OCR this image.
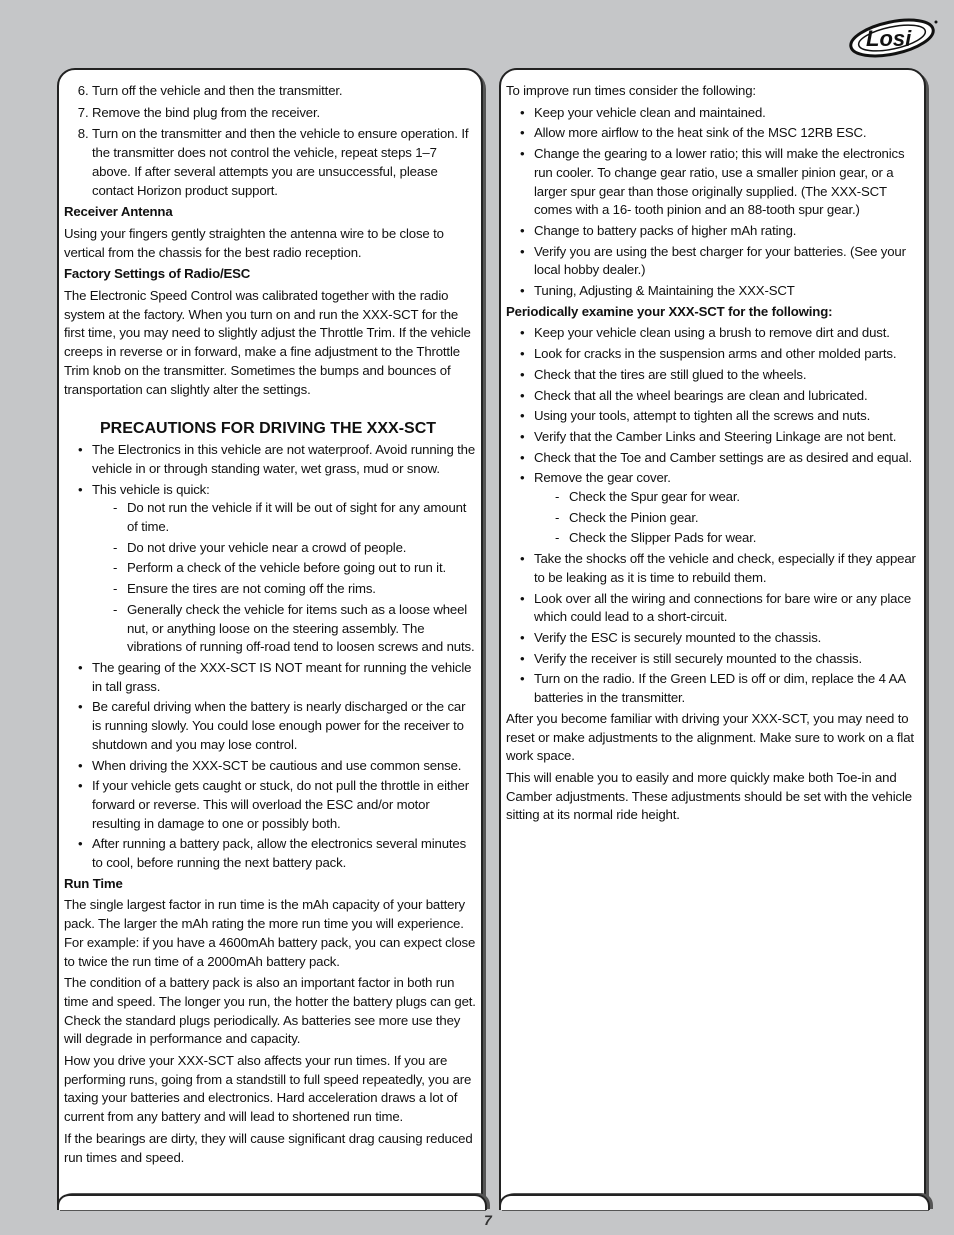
Losi
6. Turn off the vehicle and then the transmitter.
7. Remove the bind plug from the receiver.
8. Turn on the transmitter and then the vehicle to ensure operation. If the transmitter does not control the vehicle, repeat steps 1–7 above. If after several attempts you are unsuccessful, please contact Horizon product support.
Receiver Antenna

Using your fingers gently straighten the antenna wire to be close to vertical from the chassis for the best radio reception.

Factory Settings of Radio/ESC

The Electronic Speed Control was calibrated together with the radio system at the factory. When you turn on and run the XXX-SCT for the first time, you may need to slightly adjust the Throttle Trim. If the vehicle creeps in reverse or in forward, make a fine adjustment to the Throttle Trim knob on the transmitter. Sometimes the bumps and bounces of transportation can slightly alter the settings.

PRECAUTIONS FOR DRIVING THE XXX-SCT
• The Electronics in this vehicle are not waterproof. Avoid running the vehicle in or through standing water, wet grass, mud or snow.
• This vehicle is quick:
- Do not run the vehicle if it will be out of sight for any amount of time.
- Do not drive your vehicle near a crowd of people.
- Perform a check of the vehicle before going out to run it.
- Ensure the tires are not coming off the rims.
- Generally check the vehicle for items such as a loose wheel nut, or anything loose on the steering assembly. The vibrations of running off-road tend to loosen screws and nuts.
• The gearing of the XXX-SCT IS NOT meant for running the vehicle in tall grass.
• Be careful driving when the battery is nearly discharged or the car is running slowly. You could lose enough power for the receiver to shutdown and you may lose control.
• When driving the XXX-SCT be cautious and use common sense.
• If your vehicle gets caught or stuck, do not pull the throttle in either forward or reverse. This will overload the ESC and/or motor resulting in damage to one or possibly both.
• After running a battery pack, allow the electronics several minutes to cool, before running the next battery pack.
Run Time

The single largest factor in run time is the mAh capacity of your battery pack. The larger the mAh rating the more run time you will experience. For example: if you have a 4600mAh battery pack, you can expect close to twice the run time of a 2000mAh battery pack.

The condition of a battery pack is also an important factor in both run time and speed. The longer you run, the hotter the battery plugs can get. Check the standard plugs periodically. As batteries see more use they will degrade in performance and capacity.

How you drive your XXX-SCT also affects your run times. If you are performing runs, going from a standstill to full speed repeatedly, you are taxing your batteries and electronics. Hard acceleration draws a lot of current from any battery and will lead to shortened run time.

If the bearings are dirty, they will cause significant drag causing reduced run times and speed.

To improve run times consider the following:

• Keep your vehicle clean and maintained.
• Allow more airflow to the heat sink of the MSC 12RB ESC.
• Change the gearing to a lower ratio; this will make the electronics run cooler. To change gear ratio, use a smaller pinion gear, or a larger spur gear than those originally supplied. (The XXX-SCT comes with a 16- tooth pinion and an 88-tooth spur gear.)
• Change to battery packs of higher mAh rating.
• Verify you are using the best charger for your batteries. (See your local hobby dealer.)
• Tuning, Adjusting & Maintaining the XXX-SCT
Periodically examine your XXX-SCT for the following:
• Keep your vehicle clean using a brush to remove dirt and dust.
• Look for cracks in the suspension arms and other molded parts.
• Check that the tires are still glued to the wheels.
• Check that all the wheel bearings are clean and lubricated.
• Using your tools, attempt to tighten all the screws and nuts.
• Verify that the Camber Links and Steering Linkage are not bent.
• Check that the Toe and Camber settings are as desired and equal.
• Remove the gear cover.
- Check the Spur gear for wear.
- Check the Pinion gear.
- Check the Slipper Pads for wear.
• Take the shocks off the vehicle and check, especially if they appear to be leaking as it is time to rebuild them.
• Look over all the wiring and connections for bare wire or any place which could lead to a short-circuit.
• Verify the ESC is securely mounted to the chassis.
• Verify the receiver is still securely mounted to the chassis.
• Turn on the radio. If the Green LED is off or dim, replace the 4 AA batteries in the transmitter.

After you become familiar with driving your XXX-SCT, you may need to reset or make adjustments to the alignment. Make sure to work on a flat work space.

This will enable you to easily and more quickly make both Toe-in and Camber adjustments. These adjustments should be set with the vehicle sitting at its normal ride height.

7
